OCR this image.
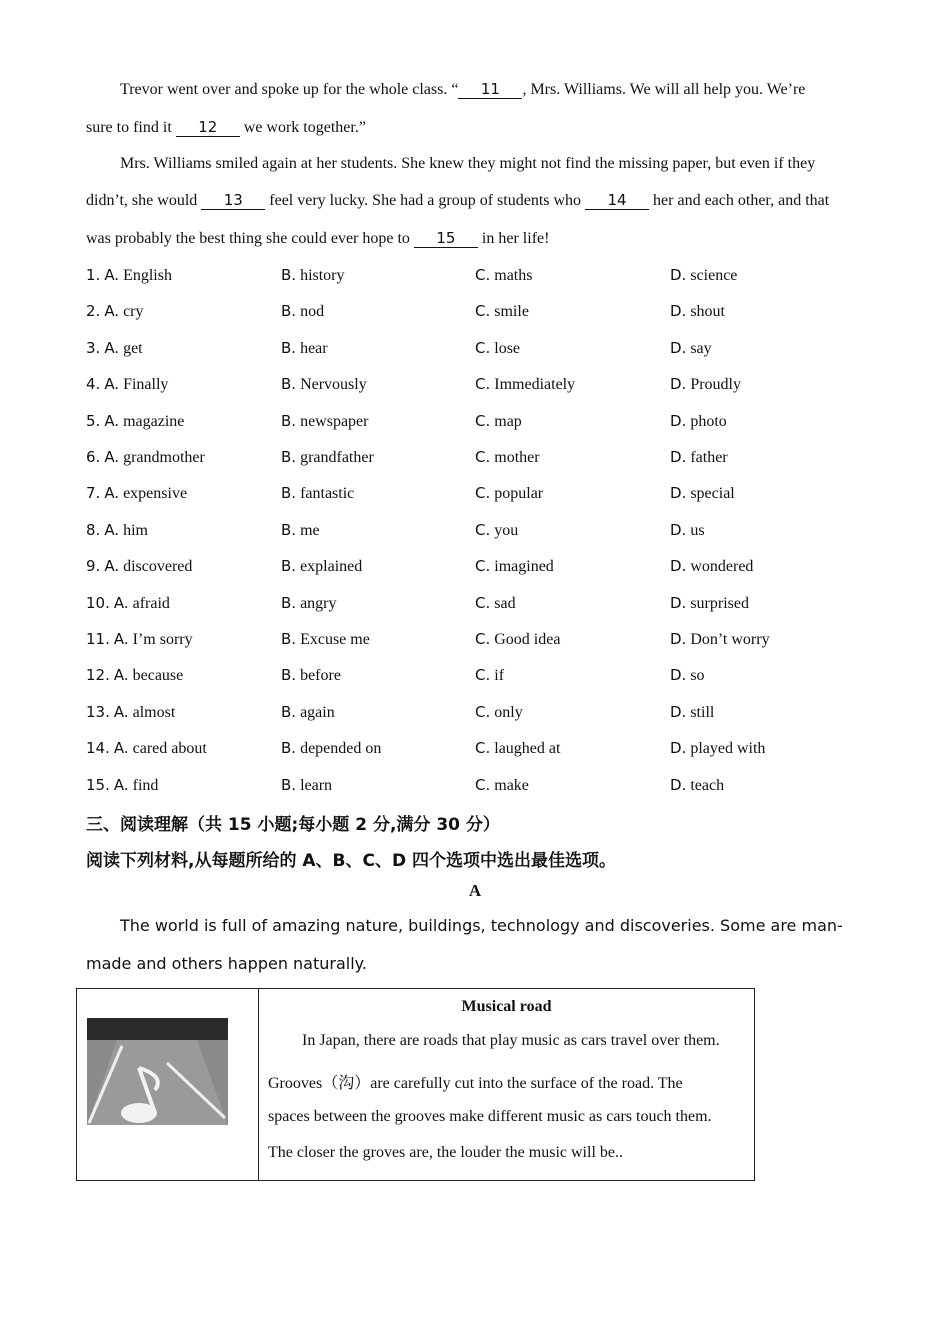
Trevor went over and spoke up for the whole class. “ 11 , Mrs. Williams. We will all help you. We’re
sure to find it 12 we work together.”
Mrs. Williams smiled again at her students. She knew they might not find the missing paper, but even if they
didn’t, she would 13 feel very lucky. She had a group of students who 14 her and each other, and that
was probably the best thing she could ever hope to 15 in her life!
1. A. English	B. history	C. maths	D. science
2. A. cry	B. nod	C. smile	D. shout
3. A. get	B. hear	C. lose	D. say
4. A. Finally	B. Nervously	C. Immediately	D. Proudly
5. A. magazine	B. newspaper	C. map	D. photo
6. A. grandmother	B. grandfather	C. mother	D. father
7. A. expensive	B. fantastic	C. popular	D. special
8. A. him	B. me	C. you	D. us
9. A. discovered	B. explained	C. imagined	D. wondered
10. A. afraid	B. angry	C. sad	D. surprised
11. A. I’m sorry	B. Excuse me	C. Good idea	D. Don’t worry
12. A. because	B. before	C. if	D. so
13. A. almost	B. again	C. only	D. still
14. A. cared about	B. depended on	C. laughed at	D. played with
15. A. find	B. learn	C. make	D. teach
三、阅读理解（共 15 小题;每小题 2 分,满分 30 分）
阅读下列材料,从每题所给的 A、B、C、D 四个选项中选出最佳选项。
A
The world is full of amazing nature, buildings, technology and discoveries. Some are man-
made and others happen naturally.
Musical road
In Japan, there are roads that play music as cars travel over them.
Grooves（沟）are carefully cut into the surface of the road. The
spaces between the grooves make different music as cars touch them.
The closer the groves are, the louder the music will be..
